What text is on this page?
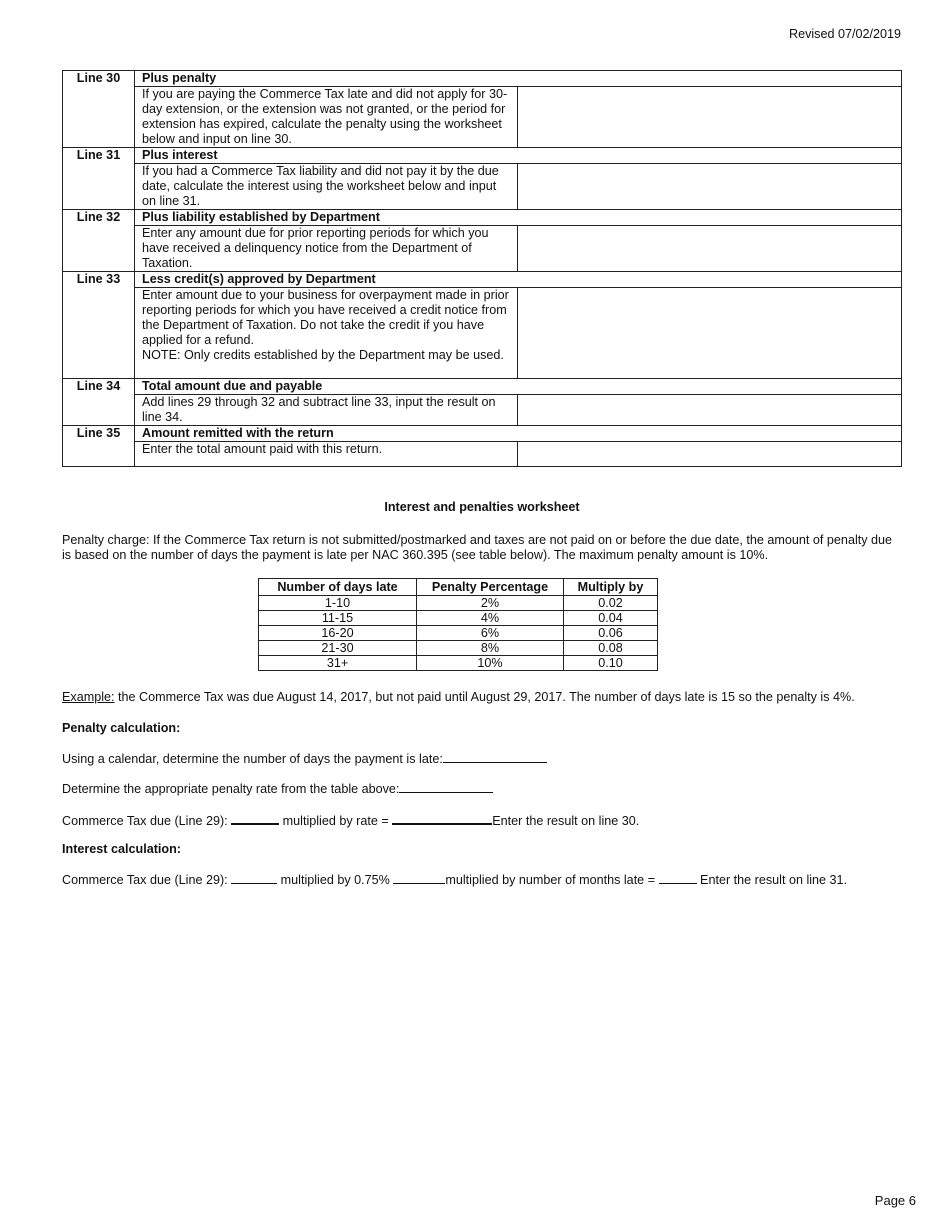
Revised 07/02/2019
Line 30	Plus penalty	
	If you are paying the Commerce Tax late and did not apply for 30-day extension, or the extension was not granted, or the period for extension has expired, calculate the penalty using the worksheet below and input on line 30.	
Line 31	Plus interest	
	If you had a Commerce Tax liability and did not pay it by the due date, calculate the interest using the worksheet below and input on line 31.	
Line 32	Plus liability established by Department	
	Enter any amount due for prior reporting periods for which you have received a delinquency notice from the Department of Taxation.	
Line 33	Less credit(s) approved by Department	

	Enter amount due to your business for overpayment made in prior reporting periods for which you have received a credit notice from the Department of Taxation. Do not take the credit if you have applied for a refund.
NOTE: Only credits established by the Department may be used.	

Line 34	Total amount due and payable	
	Add lines 29 through 32 and subtract line 33, input the result on line 34.	
Line 35	Amount remitted with the return	
	Enter the total amount paid with this return.	
Interest and penalties worksheet
Penalty charge: If the Commerce Tax return is not submitted/postmarked and taxes are not paid on or before the due date, the amount of penalty due is based on the number of days the payment is late per NAC 360.395 (see table below). The maximum penalty amount is 10%.
Number of days late	Penalty Percentage	Multiply by
1-10	2%	0.02
11-15	4%	0.04
16-20	6%	0.06
21-30	8%	0.08
31+	10%	0.10
Example: the Commerce Tax was due August 14, 2017, but not paid until August 29, 2017. The number of days late is 15 so the penalty is 4%.
Penalty calculation:
Using a calendar, determine the number of days the payment is late:
Determine the appropriate penalty rate from the table above:
Commerce Tax due (Line 29):	multiplied by rate =	Enter the result on line 30.
Interest calculation:
Commerce Tax due (Line 29):	multiplied by 0.75%	multiplied by number of months late =	Enter the result on line 31.
Page 6
